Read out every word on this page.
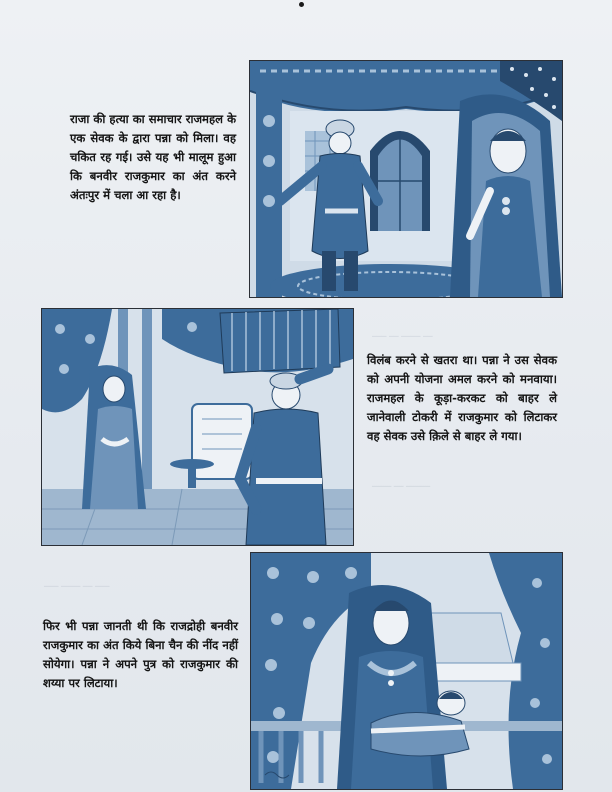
─── ── ──── ──
──── ── ─────
─── ──── ── ───

राजा की हत्या का समाचार राजमहल के एक सेवक के द्वारा पन्ना को मिला। वह चकित रह गई। उसे यह भी मालूम हुआ कि बनवीर राजकुमार का अंत करने अंतःपुर में चला आ रहा है।

विलंब करने से खतरा था। पन्ना ने उस सेवक को अपनी योजना अमल करने को मनवाया। राजमहल के कूड़ा-करकट को बाहर ले जानेवाली टोकरी में राजकुमार को लिटाकर वह सेवक उसे क़िले से बाहर ले गया।

फिर भी पन्ना जानती थी कि राजद्रोही बनवीर राजकुमार का अंत किये बिना चैन की नींद नहीं सोयेगा। पन्ना ने अपने पुत्र को राजकुमार की शय्या पर लिटाया।
